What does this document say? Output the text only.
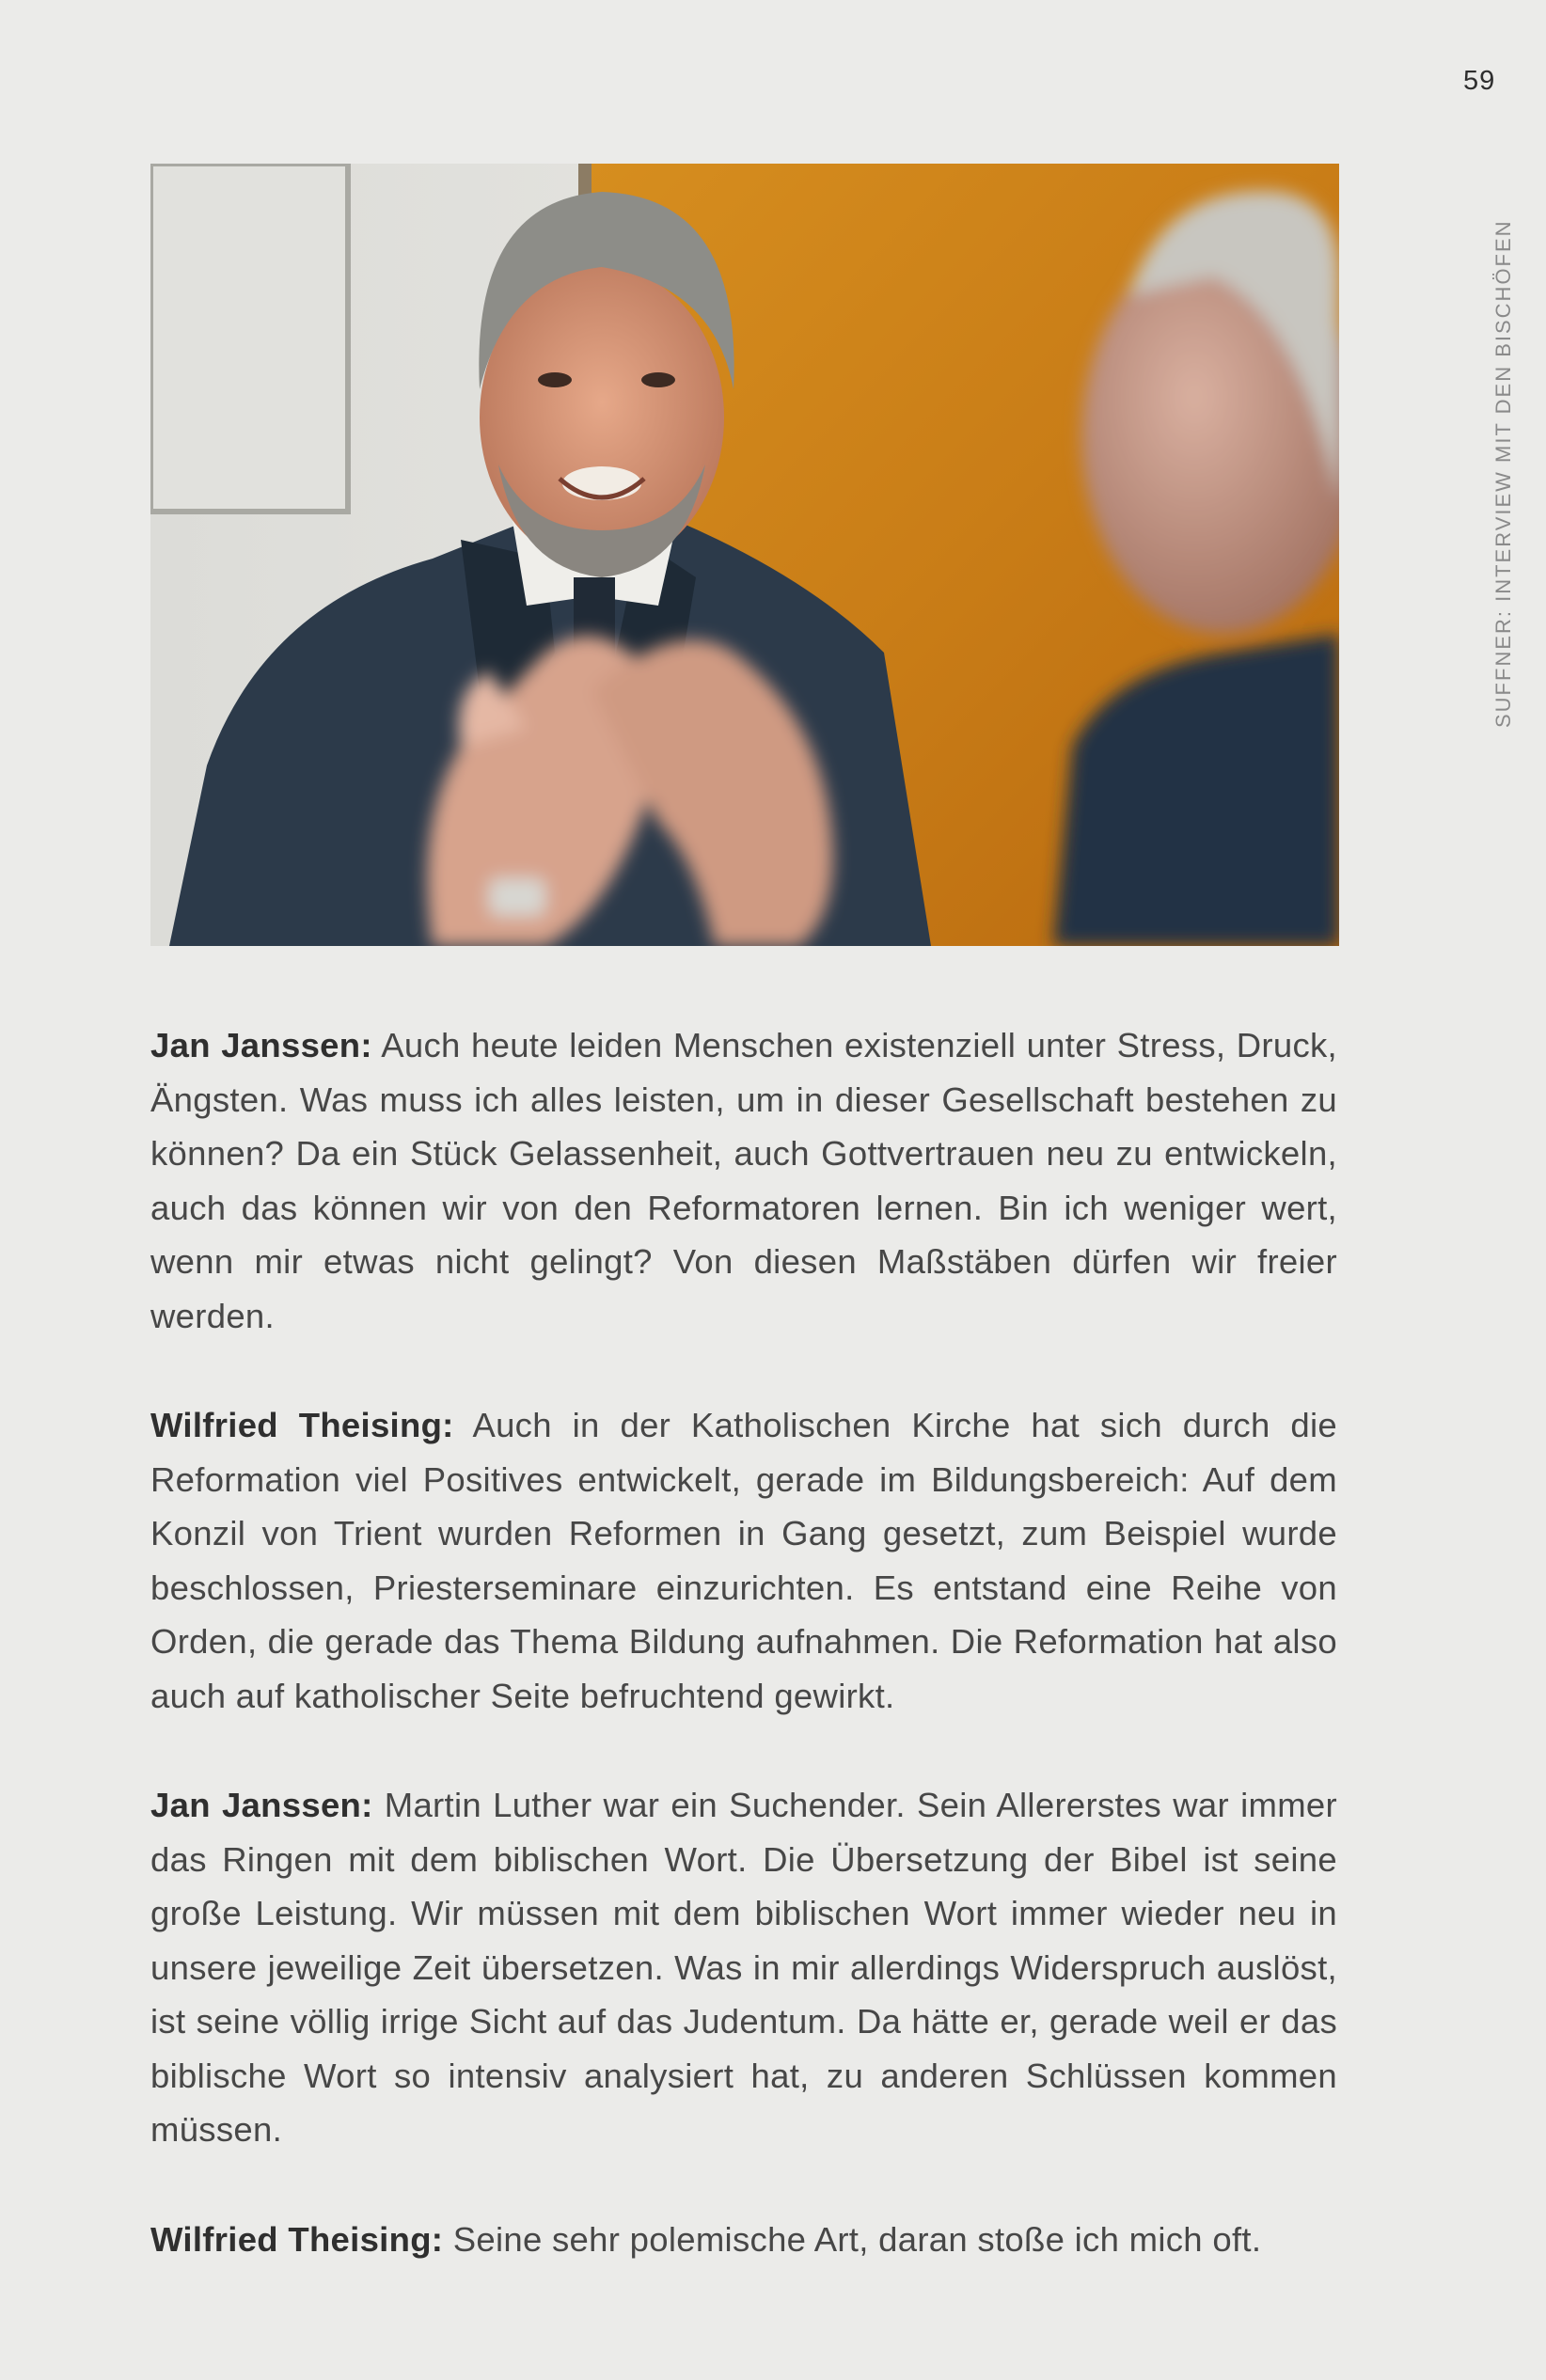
59
SUFFNER: INTERVIEW MIT DEN BISCHÖFEN

Jan Janssen: Auch heute leiden Menschen existenziell unter Stress, Druck, Ängsten. Was muss ich alles leisten, um in dieser Gesellschaft bestehen zu können? Da ein Stück Gelassenheit, auch Gottvertrauen neu zu entwickeln, auch das können wir von den Reformatoren lernen. Bin ich weniger wert, wenn mir etwas nicht gelingt? Von diesen Maßstäben dürfen wir freier werden.

Wilfried Theising: Auch in der Katholischen Kirche hat sich durch die Reformation viel Positives entwickelt, gerade im Bildungsbereich: Auf dem Konzil von Trient wurden Reformen in Gang gesetzt, zum Beispiel wurde beschlossen, Priesterseminare einzurichten. Es entstand eine Reihe von Orden, die gerade das Thema Bildung aufnahmen. Die Reformation hat also auch auf katholischer Seite befruchtend gewirkt.

Jan Janssen: Martin Luther war ein Suchender. Sein Allererstes war immer das Ringen mit dem biblischen Wort. Die Übersetzung der Bibel ist seine große Leistung. Wir müssen mit dem biblischen Wort immer wieder neu in unsere jeweilige Zeit übersetzen. Was in mir allerdings Widerspruch auslöst, ist seine völlig irrige Sicht auf das Judentum. Da hätte er, gerade weil er das biblische Wort so intensiv analysiert hat, zu anderen Schlüssen kommen müssen.

Wilfried Theising: Seine sehr polemische Art, daran stoße ich mich oft.
